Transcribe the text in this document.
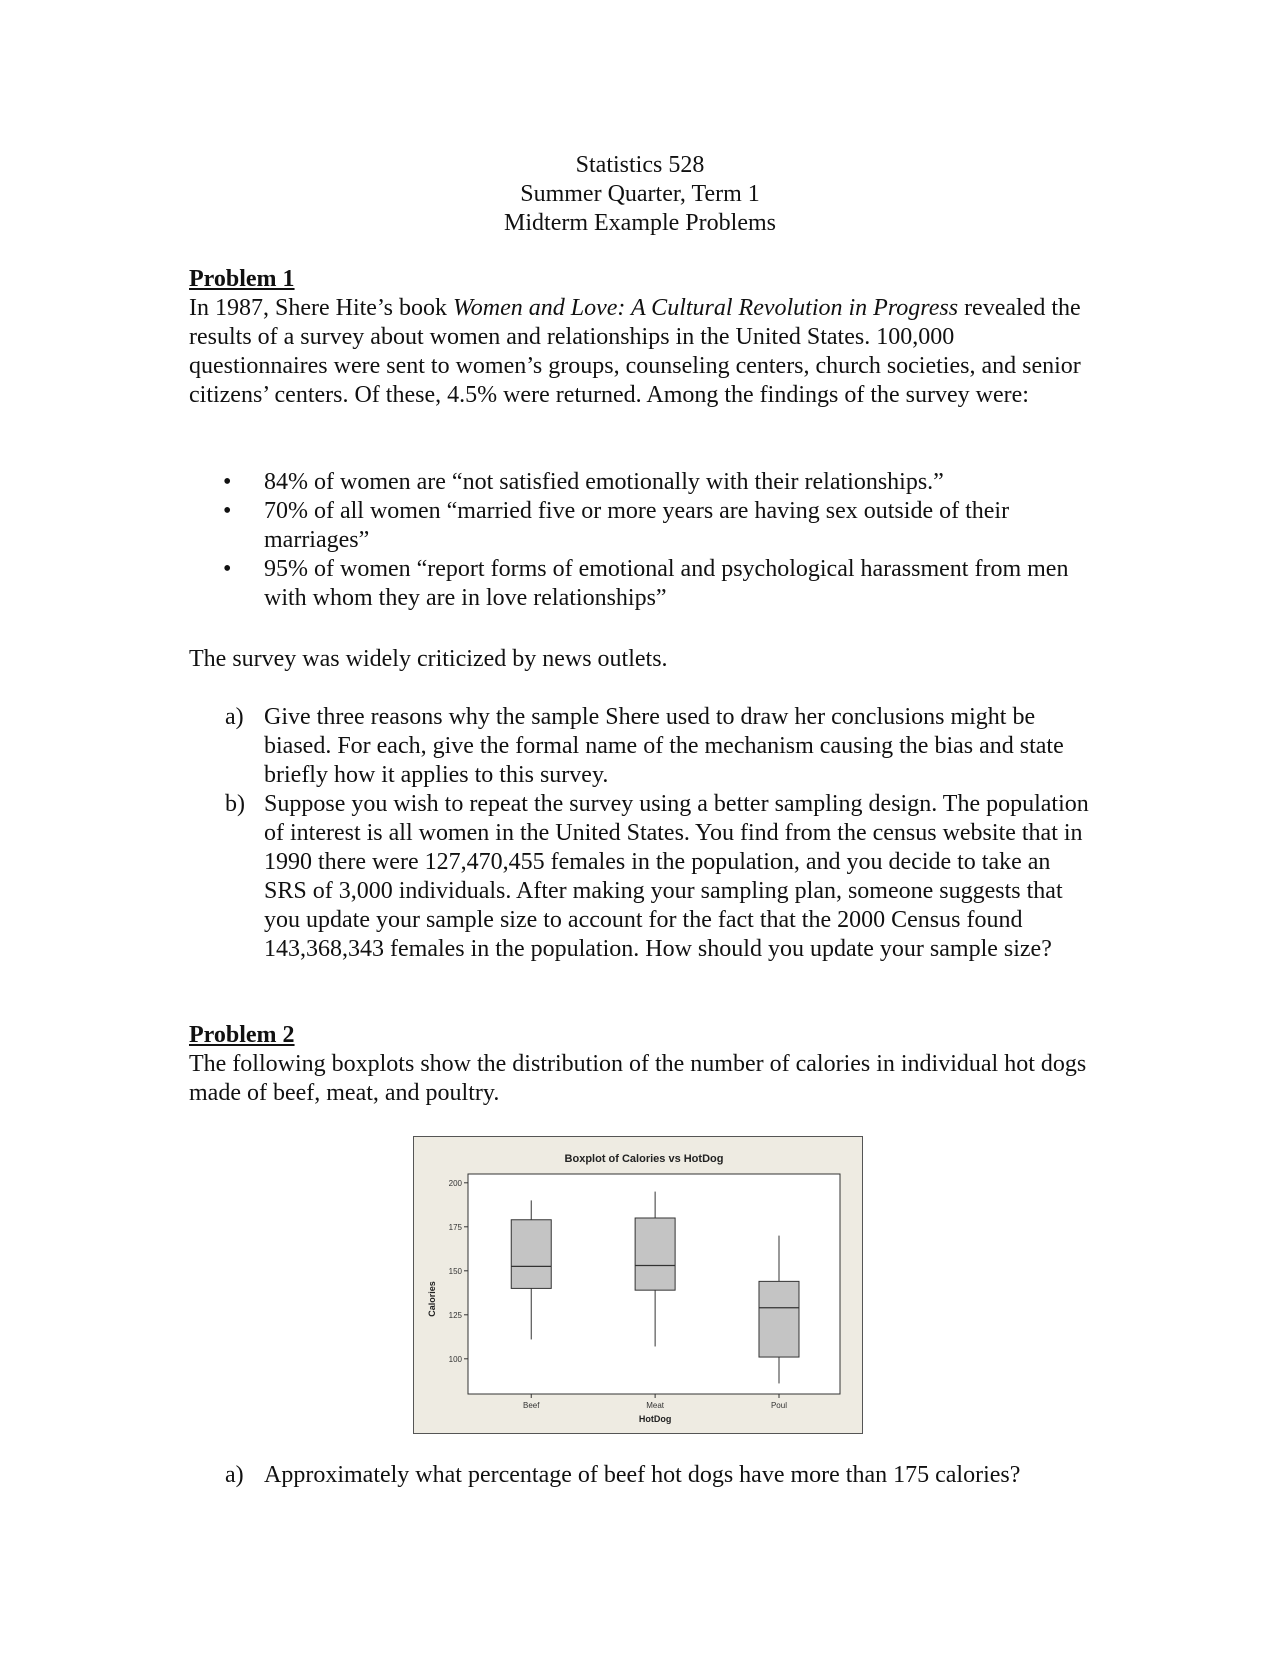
Statistics 528
Summer Quarter, Term 1
Midterm Example Problems
Problem 1

In 1987, Shere Hite’s book Women and Love: A Cultural Revolution in Progress revealed the results of a survey about women and relationships in the United States. 100,000 questionnaires were sent to women’s groups, counseling centers, church societies, and senior citizens’ centers. Of these, 4.5% were returned. Among the findings of the survey were:

• 84% of women are “not satisfied emotionally with their relationships.”
• 70% of all women “married five or more years are having sex outside of their marriages”
• 95% of women “report forms of emotional and psychological harassment from men with whom they are in love relationships”

The survey was widely criticized by news outlets.

a) Give three reasons why the sample Shere used to draw her conclusions might be biased. For each, give the formal name of the mechanism causing the bias and state briefly how it applies to this survey.
b) Suppose you wish to repeat the survey using a better sampling design. The population of interest is all women in the United States. You find from the census website that in 1990 there were 127,470,455 females in the population, and you decide to take an SRS of 3,000 individuals. After making your sampling plan, someone suggests that you update your sample size to account for the fact that the 2000 Census found 143,368,343 females in the population. How should you update your sample size?
Problem 2

The following boxplots show the distribution of the number of calories in individual hot dogs made of beef, meat, and poultry.

Boxplot of Calories vs HotDog
Calories
HotDog
100
125
150
175
200
Beef	Meat	Poul
a) Approximately what percentage of beef hot dogs have more than 175 calories?
